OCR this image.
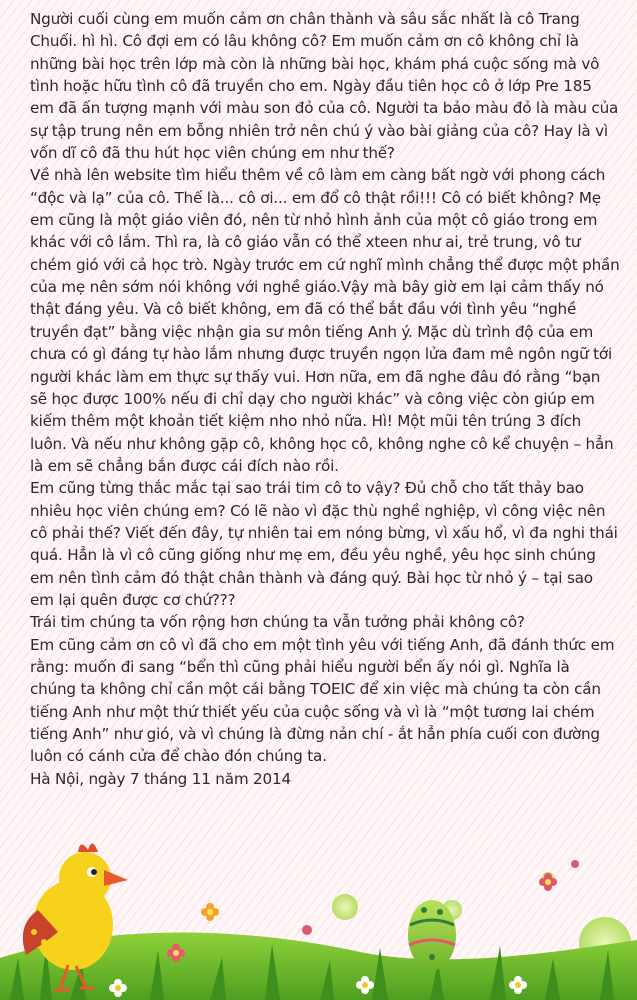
Người cuối cùng em muốn cảm ơn chân thành và sâu sắc nhất là cô Trang Chuối. hì hì. Cô đợi em có lâu không cô? Em muốn cảm ơn cô không chỉ là những bài học trên lớp mà còn là những bài học, khám phá cuộc sống mà vô tình hoặc hữu tình cô đã truyền cho em. Ngày đầu tiên học cô ở lớp Pre 185 em đã ấn tượng mạnh với màu son đỏ của cô. Người ta bảo màu đỏ là màu của sự tập trung nên em bỗng nhiên trở nên chú ý vào bài giảng của cô? Hay là vì vốn dĩ cô đã thu hút học viên chúng em như thế?

Về nhà lên website tìm hiểu thêm về cô làm em càng bất ngờ với phong cách “độc và lạ” của cô. Thế là... cô ơi... em đổ cô thật rồi!!! Cô có biết không? Mẹ em cũng là một giáo viên đó, nên từ nhỏ hình ảnh của một cô giáo trong em khác với cô lắm. Thì ra, là cô giáo vẫn có thể xteen như ai, trẻ trung, vô tư chém gió với cả học trò. Ngày trước em cứ nghĩ mình chẳng thể được một phần của mẹ nên sớm nói không với nghề giáo.Vậy mà bây giờ em lại cảm thấy nó thật đáng yêu. Và cô biết không, em đã có thể bắt đầu với tình yêu “nghề truyền đạt” bằng việc nhận gia sư môn tiếng Anh ý. Mặc dù trình độ của em chưa có gì đáng tự hào lắm nhưng được truyền ngọn lửa đam mê ngôn ngữ tới người khác làm em thực sự thấy vui. Hơn nữa, em đã nghe đâu đó rằng “bạn sẽ học được 100% nếu đi chỉ dạy cho người khác” và công việc còn giúp em kiếm thêm một khoản tiết kiệm nho nhỏ nữa. Hì! Một mũi tên trúng 3 đích luôn. Và nếu như không gặp cô, không học cô, không nghe cô kể chuyện – hẳn là em sẽ chẳng bắn được cái đích nào rồi.

Em cũng từng thắc mắc tại sao trái tim cô to vậy? Đủ chỗ cho tất thảy bao nhiêu học viên chúng em? Có lẽ nào vì đặc thù nghề nghiệp, vì công việc nên cô phải thế? Viết đến đây, tự nhiên tai em nóng bừng, vì xấu hổ, vì đa nghi thái quá. Hẳn là vì cô cũng giống như mẹ em, đều yêu nghề, yêu học sinh chúng em nên tình cảm đó thật chân thành và đáng quý. Bài học từ nhỏ ý – tại sao em lại quên được cơ chứ???

Trái tim chúng ta vốn rộng hơn chúng ta vẫn tưởng phải không cô?

Em cũng cảm ơn cô vì đã cho em một tình yêu với tiếng Anh, đã đánh thức em rằng: muốn đi sang “bển thì cũng phải hiểu người bển ấy nói gì. Nghĩa là chúng ta không chỉ cần một cái bằng TOEIC để xin việc mà chúng ta còn cần tiếng Anh như một thứ thiết yếu của cuộc sống và vì là “một tương lai chém tiếng Anh” như gió, và vì chúng là đừng nản chí - ắt hẳn phía cuối con đường luôn có cánh cửa để chào đón chúng ta.

Hà Nội, ngày 7 tháng 11 năm 2014
